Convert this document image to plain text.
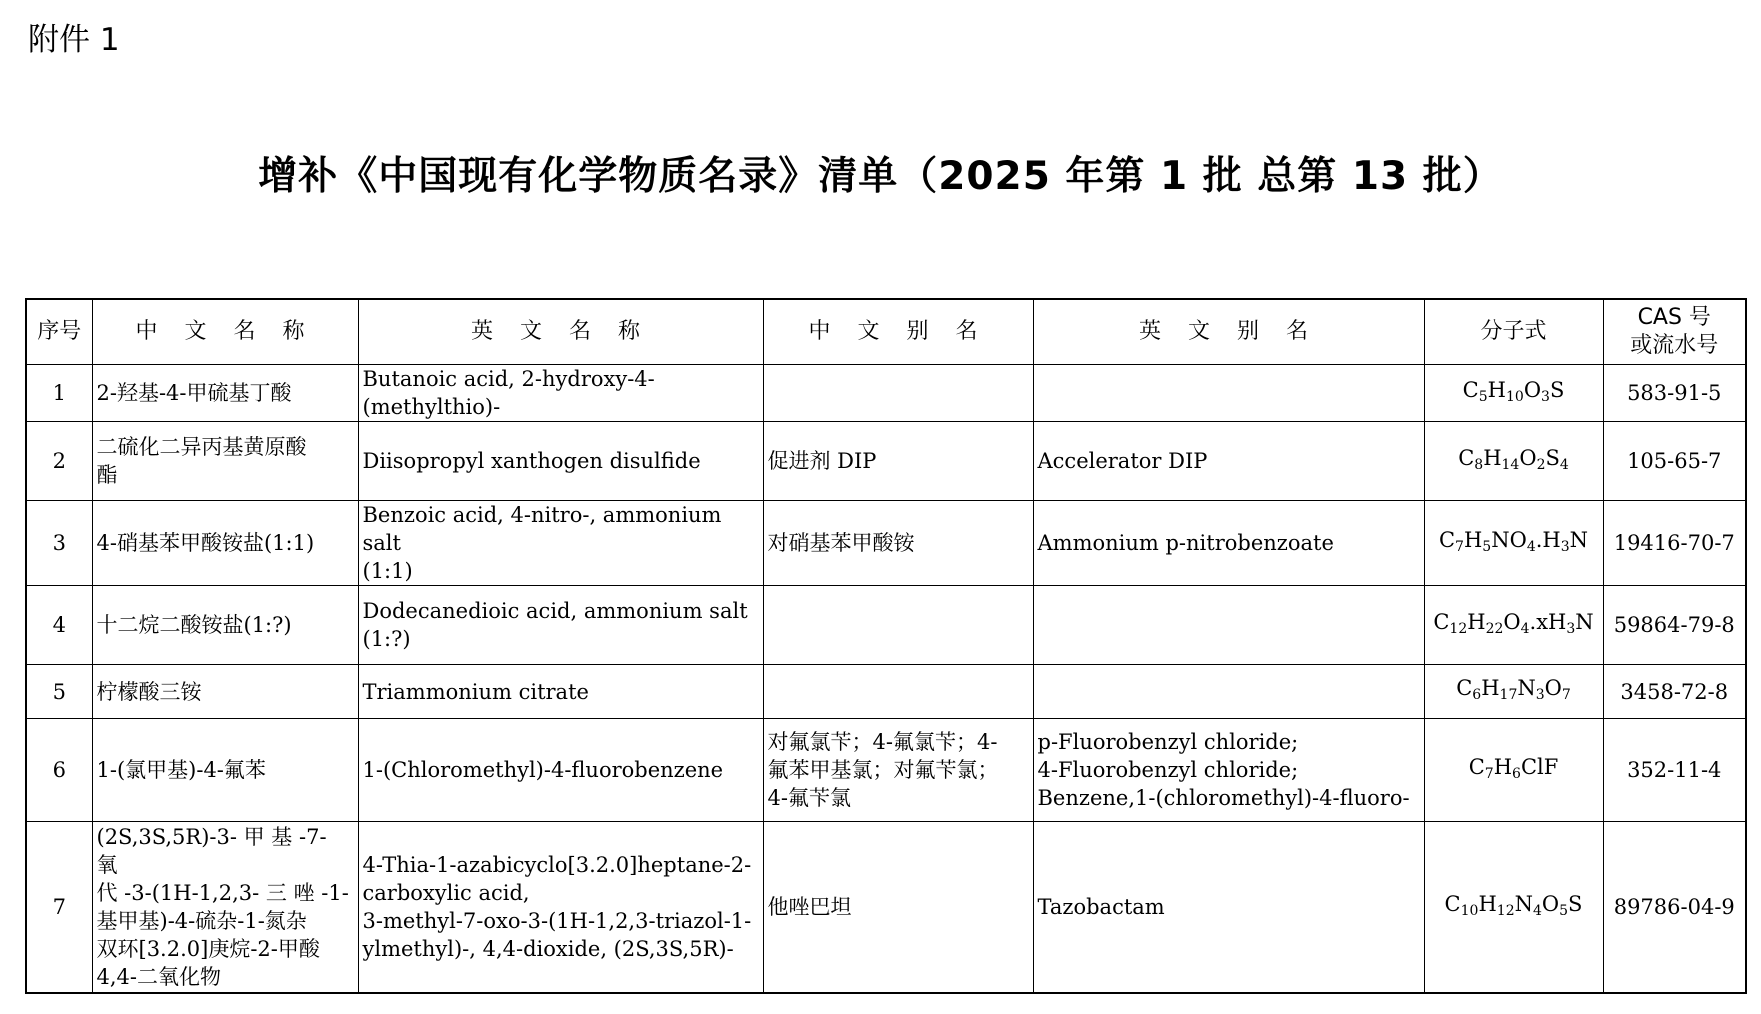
附件 1
增补《中国现有化学物质名录》清单（2025 年第 1 批 总第 13 批）
序号	中 文 名 称	英 文 名 称	中 文 别 名	英 文 别 名	分子式	CAS 号
或流水号

1	2-羟基-4-甲硫基丁酸	Butanoic acid, 2-hydroxy-4-(methylthio)-			$C_5H_{10}O_3S$	583-91-5
2	二硫化二异丙基黄原酸
酯	Diisopropyl xanthogen disulfide	促进剂 DIP	Accelerator DIP	$C_8H_{14}O_2S_4$	105-65-7
3	4-硝基苯甲酸铵盐(1:1)	Benzoic acid, 4-nitro-, ammonium salt
(1:1)	对硝基苯甲酸铵	Ammonium p-nitrobenzoate	$C_7H_5NO_4.H_3N$	19416-70-7
4	十二烷二酸铵盐(1:?)	Dodecanedioic acid, ammonium salt
(1:?)			$C_{12}H_{22}O_4.xH_3N$	59864-79-8
5	柠檬酸三铵	Triammonium citrate			$C_6H_{17}N_3O_7$	3458-72-8
6	1-(氯甲基)-4-氟苯	1-(Chloromethyl)-4-fluorobenzene	对氟氯苄；4-氟氯苄；4-
氟苯甲基氯；对氟苄氯；
4-氟苄氯	p-Fluorobenzyl chloride;
4-Fluorobenzyl chloride;
Benzene,1-(chloromethyl)-4-fluoro-	$C_7H_6ClF$	352-11-4
7	(2S,3S,5R)-3- 甲 基 -7- 氧
代 -3-(1H-1,2,3- 三 唑 -1-
基甲基)-4-硫杂-1-氮杂
双环[3.2.0]庚烷-2-甲酸
4,4-二氧化物	4-Thia-1-azabicyclo[3.2.0]heptane-2-
carboxylic acid,
3-methyl-7-oxo-3-(1H-1,2,3-triazol-1-
ylmethyl)-, 4,4-dioxide, (2S,3S,5R)-	他唑巴坦	Tazobactam	$C_{10}H_{12}N_4O_5S$	89786-04-9
